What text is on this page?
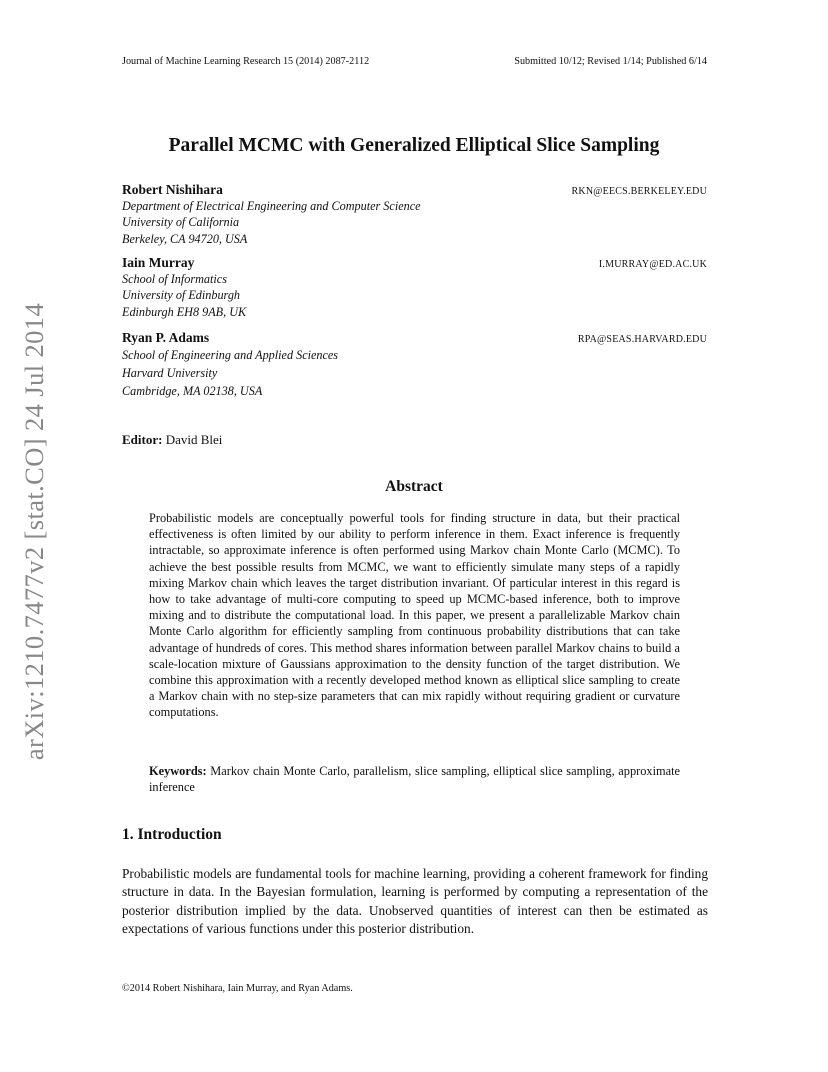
Journal of Machine Learning Research 15 (2014) 2087-2112	Submitted 10/12; Revised 1/14; Published 6/14
arXiv:1210.7477v2 [stat.CO] 24 Jul 2014
Parallel MCMC with Generalized Elliptical Slice Sampling
Robert Nishihara	RKN@EECS.BERKELEY.EDU
Department of Electrical Engineering and Computer Science
University of California
Berkeley, CA 94720, USA
Iain Murray	I.MURRAY@ED.AC.UK
School of Informatics
University of Edinburgh
Edinburgh EH8 9AB, UK
Ryan P. Adams	RPA@SEAS.HARVARD.EDU
School of Engineering and Applied Sciences
Harvard University
Cambridge, MA 02138, USA
Editor: David Blei
Abstract
Probabilistic models are conceptually powerful tools for finding structure in data, but their practical effectiveness is often limited by our ability to perform inference in them. Exact inference is frequently intractable, so approximate inference is often performed using Markov chain Monte Carlo (MCMC). To achieve the best possible results from MCMC, we want to efficiently simulate many steps of a rapidly mixing Markov chain which leaves the target distribution invariant. Of particular interest in this regard is how to take advantage of multi-core computing to speed up MCMC-based inference, both to improve mixing and to distribute the computational load. In this paper, we present a parallelizable Markov chain Monte Carlo algorithm for efficiently sampling from continuous probability distributions that can take advantage of hundreds of cores. This method shares information between parallel Markov chains to build a scale-location mixture of Gaussians approximation to the density function of the target distribution. We combine this approximation with a recently developed method known as elliptical slice sampling to create a Markov chain with no step-size parameters that can mix rapidly without requiring gradient or curvature computations.
Keywords: Markov chain Monte Carlo, parallelism, slice sampling, elliptical slice sampling, approximate inference
1. Introduction
Probabilistic models are fundamental tools for machine learning, providing a coherent framework for finding structure in data. In the Bayesian formulation, learning is performed by computing a representation of the posterior distribution implied by the data. Unobserved quantities of interest can then be estimated as expectations of various functions under this posterior distribution.
©2014 Robert Nishihara, Iain Murray, and Ryan Adams.
